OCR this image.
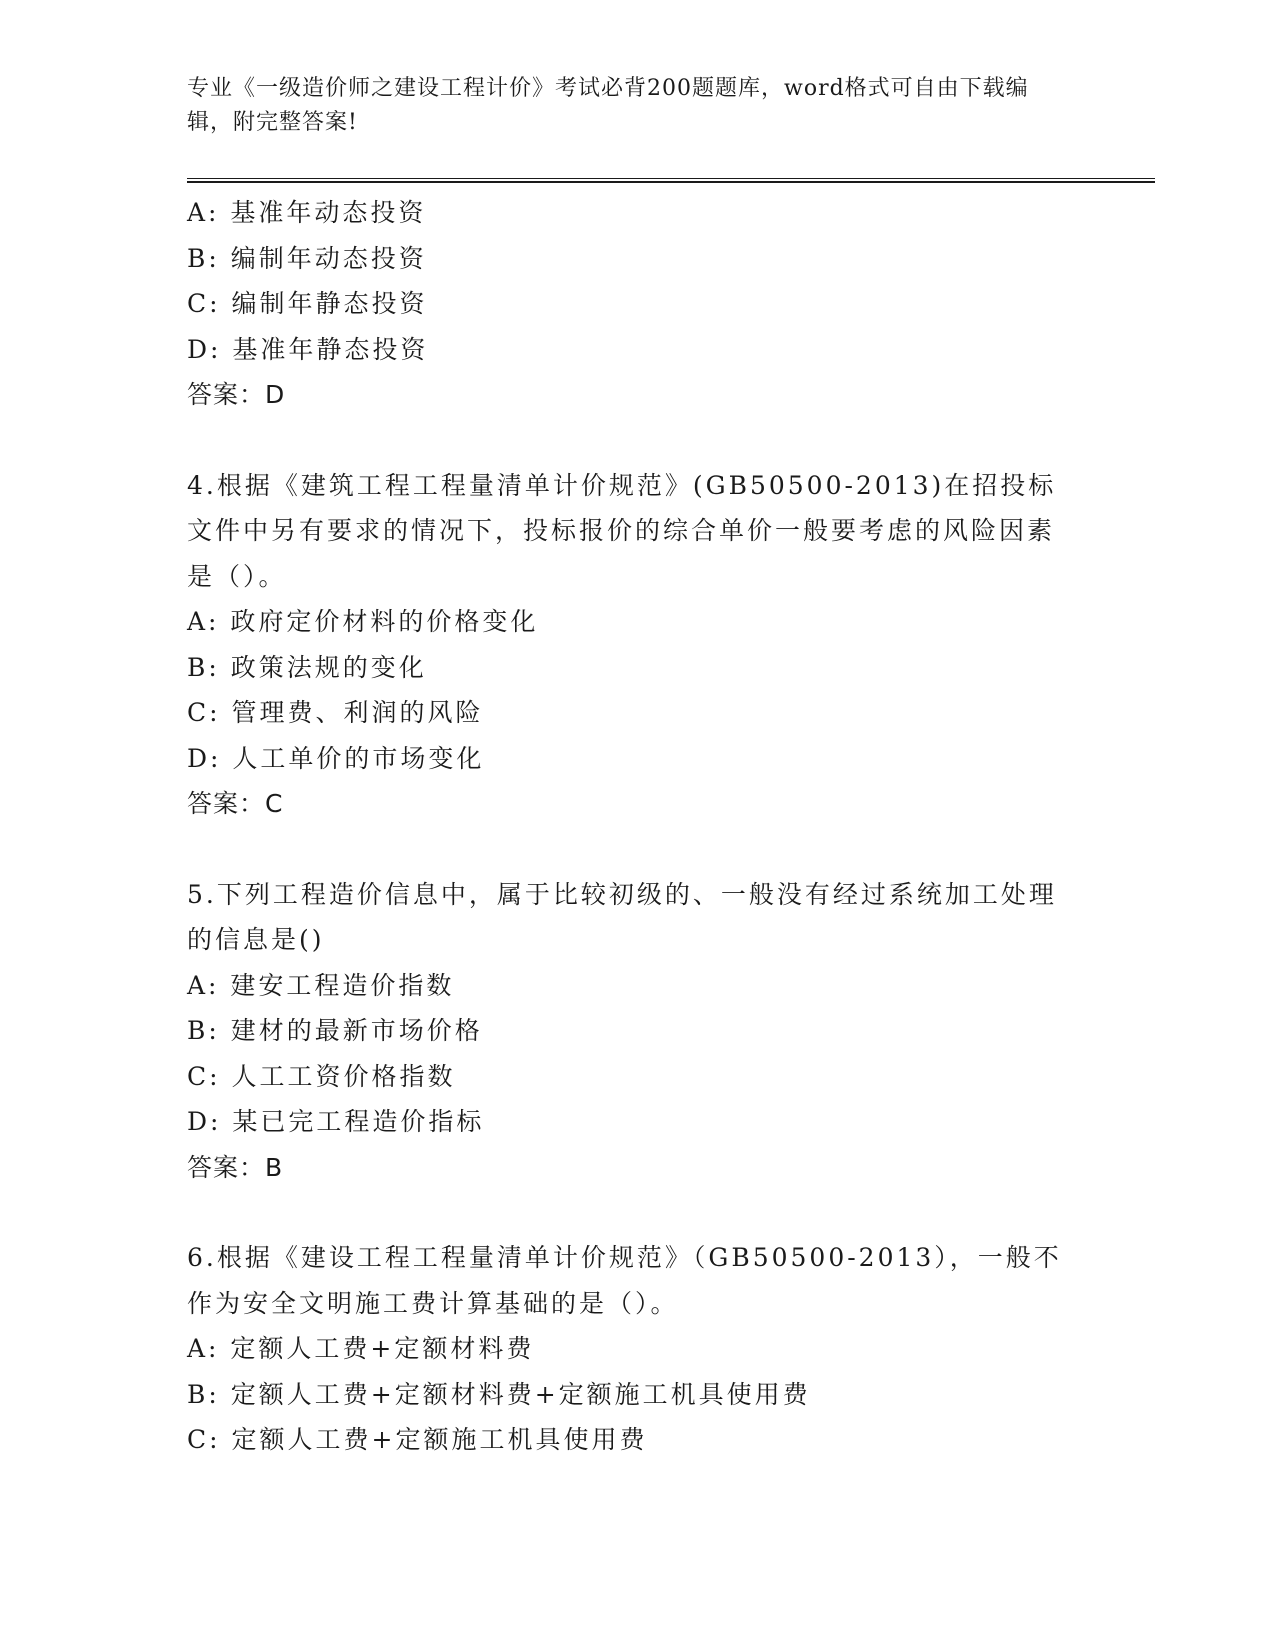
专业《一级造价师之建设工程计价》考试必背200题题库，word格式可自由下载编辑，附完整答案!
A: 基准年动态投资
B: 编制年动态投资
C: 编制年静态投资
D: 基准年静态投资
答案：D
4.根据《建筑工程工程量清单计价规范》(GB50500-2013)在招投标文件中另有要求的情况下，投标报价的综合单价一般要考虑的风险因素是（）。
A: 政府定价材料的价格变化
B: 政策法规的变化
C: 管理费、利润的风险
D: 人工单价的市场变化
答案：C
5.下列工程造价信息中，属于比较初级的、一般没有经过系统加工处理的信息是()
A: 建安工程造价指数
B: 建材的最新市场价格
C: 人工工资价格指数
D: 某已完工程造价指标
答案：B
6.根据《建设工程工程量清单计价规范》（GB50500-2013），一般不作为安全文明施工费计算基础的是（）。
A: 定额人工费+定额材料费
B: 定额人工费+定额材料费+定额施工机具使用费
C: 定额人工费+定额施工机具使用费
